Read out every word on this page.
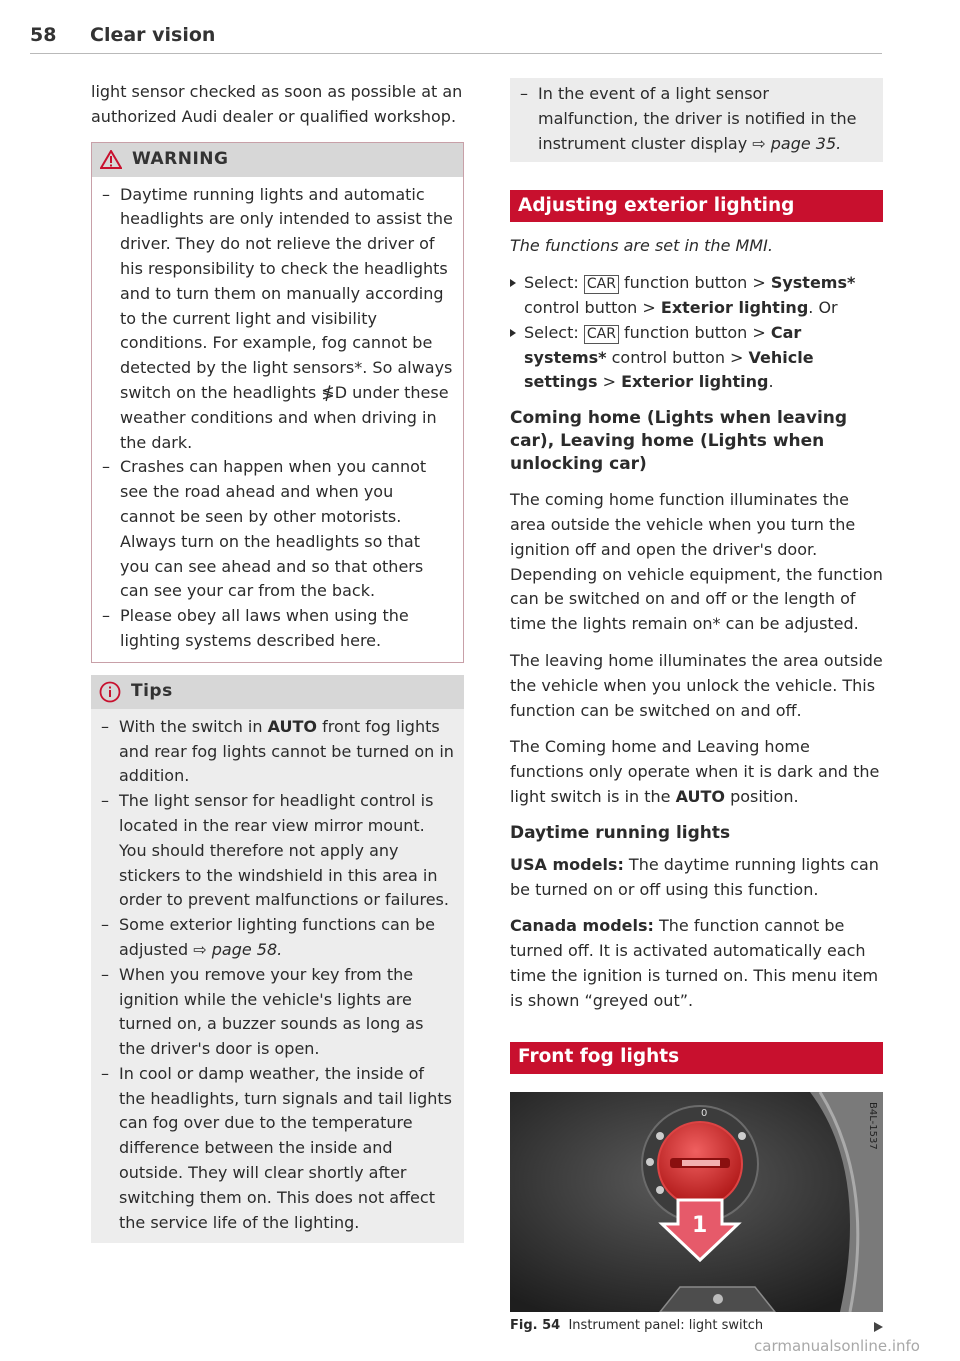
58 Clear vision

light sensor checked as soon as possible at an authorized Audi dealer or qualified workshop.

WARNING
– Daytime running lights and automatic headlights are only intended to assist the driver. They do not relieve the driver of his responsibility to check the headlights and to turn them on manually according to the current light and visibility conditions. For example, fog cannot be detected by the light sensors*. So always switch on the headlights ≸D under these weather conditions and when driving in the dark.
– Crashes can happen when you cannot see the road ahead and when you cannot be seen by other motorists. Always turn on the headlights so that you can see ahead and so that others can see your car from the back.
– Please obey all laws when using the lighting systems described here.
Tips
– With the switch in AUTO front fog lights and rear fog lights cannot be turned on in addition.
– The light sensor for headlight control is located in the rear view mirror mount. You should therefore not apply any stickers to the windshield in this area in order to prevent malfunctions or failures.
– Some exterior lighting functions can be adjusted ⇨ page 58.
– When you remove your key from the ignition while the vehicle's lights are turned on, a buzzer sounds as long as the driver's door is open.
– In cool or damp weather, the inside of the headlights, turn signals and tail lights can fog over due to the temperature difference between the inside and outside. They will clear shortly after switching them on. This does not affect the service life of the lighting.
– In the event of a light sensor malfunction, the driver is notified in the instrument cluster display ⇨ page 35.
Adjusting exterior lighting

The functions are set in the MMI.

Select: CAR function button > Systems* control button > Exterior lighting. Or
Select: CAR function button > Car systems* control button > Vehicle settings > Exterior lighting.
Coming home (Lights when leaving car), Leaving home (Lights when unlocking car)

The coming home function illuminates the area outside the vehicle when you turn the ignition off and open the driver's door. Depending on vehicle equipment, the function can be switched on and off or the length of time the lights remain on* can be adjusted.

The leaving home illuminates the area outside the vehicle when you unlock the vehicle. This function can be switched on and off.

The Coming home and Leaving home functions only operate when it is dark and the light switch is in the AUTO position.

Daytime running lights

USA models: The daytime running lights can be turned on or off using this function.

Canada models: The function cannot be turned off. It is activated automatically each time the ignition is turned on. This menu item is shown “greyed out”.

Front fog lights
0
1
B4L-1537
Fig. 54 Instrument panel: light switch
carmanualsonline.info
